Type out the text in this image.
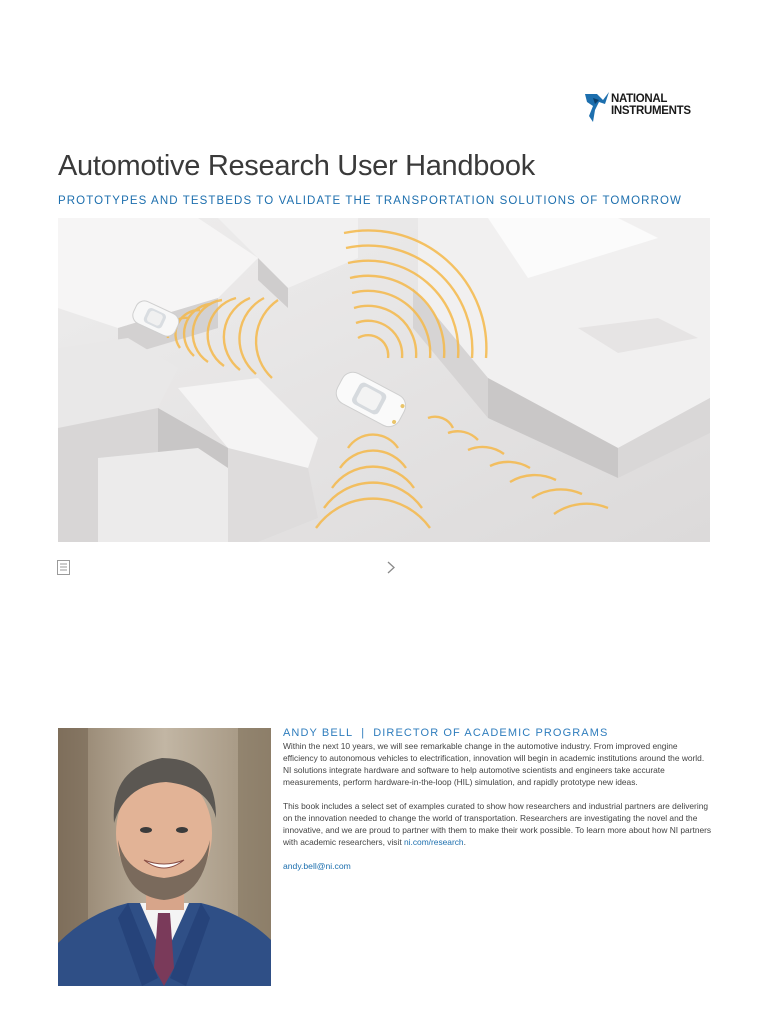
NATIONAL
INSTRUMENTS
Automotive Research User Handbook

PROTOTYPES AND TESTBEDS TO VALIDATE THE TRANSPORTATION SOLUTIONS OF TOMORROW

ANDY BELL | DIRECTOR OF ACADEMIC PROGRAMS

Within the next 10 years, we will see remarkable change in the automotive industry. From improved engine efficiency to autonomous vehicles to electrification, innovation will begin in academic institutions around the world. NI solutions integrate hardware and software to help automotive scientists and engineers take accurate measurements, perform hardware-in-the-loop (HIL) simulation, and rapidly prototype new ideas.

This book includes a select set of examples curated to show how researchers and industrial partners are delivering on the innovation needed to change the world of transportation. Researchers are investigating the novel and the innovative, and we are proud to partner with them to make their work possible. To learn more about how NI partners with academic researchers, visit ni.com/research.

andy.bell@ni.com
